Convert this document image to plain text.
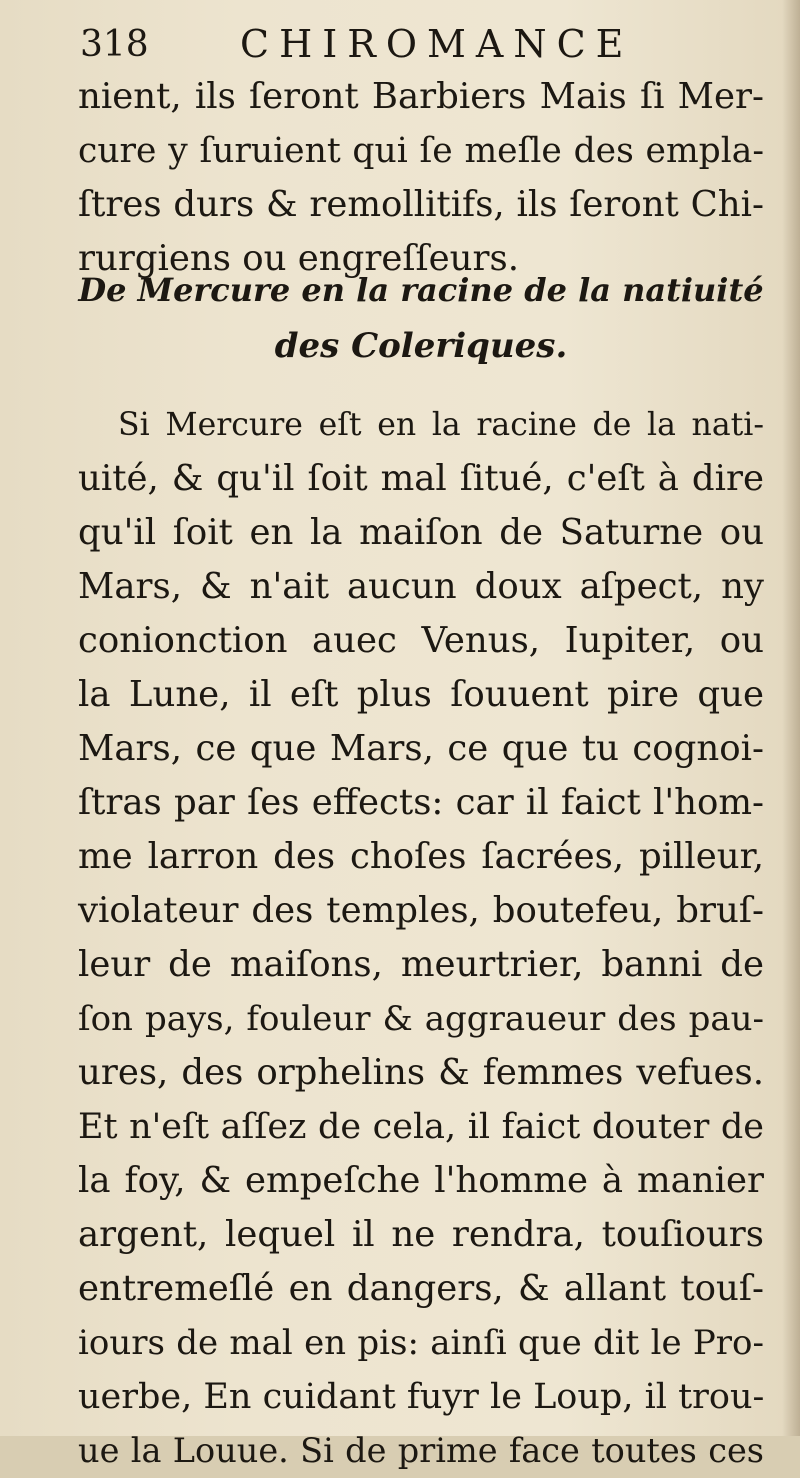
318 CHIROMANCE
nient, ils ſeront Barbiers Mais ſi Mer-
cure y ſuruient qui ſe meſle des empla-
ſtres durs & remollitifs, ils ſeront Chi-
rurgiens ou engreſſeurs.
De Mercure en la racine de la natiuité
des Coleriques.
Si Mercure eſt en la racine de la nati-
uité, & qu'il ſoit mal ſitué, c'eſt à dire
qu'il ſoit en la maiſon de Saturne ou
Mars, & n'ait aucun doux aſpect, ny
conionction auec Venus, Iupiter, ou
la Lune, il eſt plus ſouuent pire que
Mars, ce que Mars, ce que tu cognoi-
ſtras par ſes effects: car il faict l'hom-
me larron des choſes ſacrées, pilleur,
violateur des temples, boutefeu, bruſ-
leur de maiſons, meurtrier, banni de
ſon pays, fouleur & aggraueur des pau-
ures, des orphelins & femmes vefues.
Et n'eſt aſſez de cela, il faict douter de
la foy, & empeſche l'homme à manier
argent, lequel il ne rendra, touſiours
entremeſlé en dangers, & allant touſ-
iours de mal en pis: ainſi que dit le Pro-
uerbe, En cuidant fuyr le Loup, il trou-
ue la Louue. Si de prime face toutes ces
